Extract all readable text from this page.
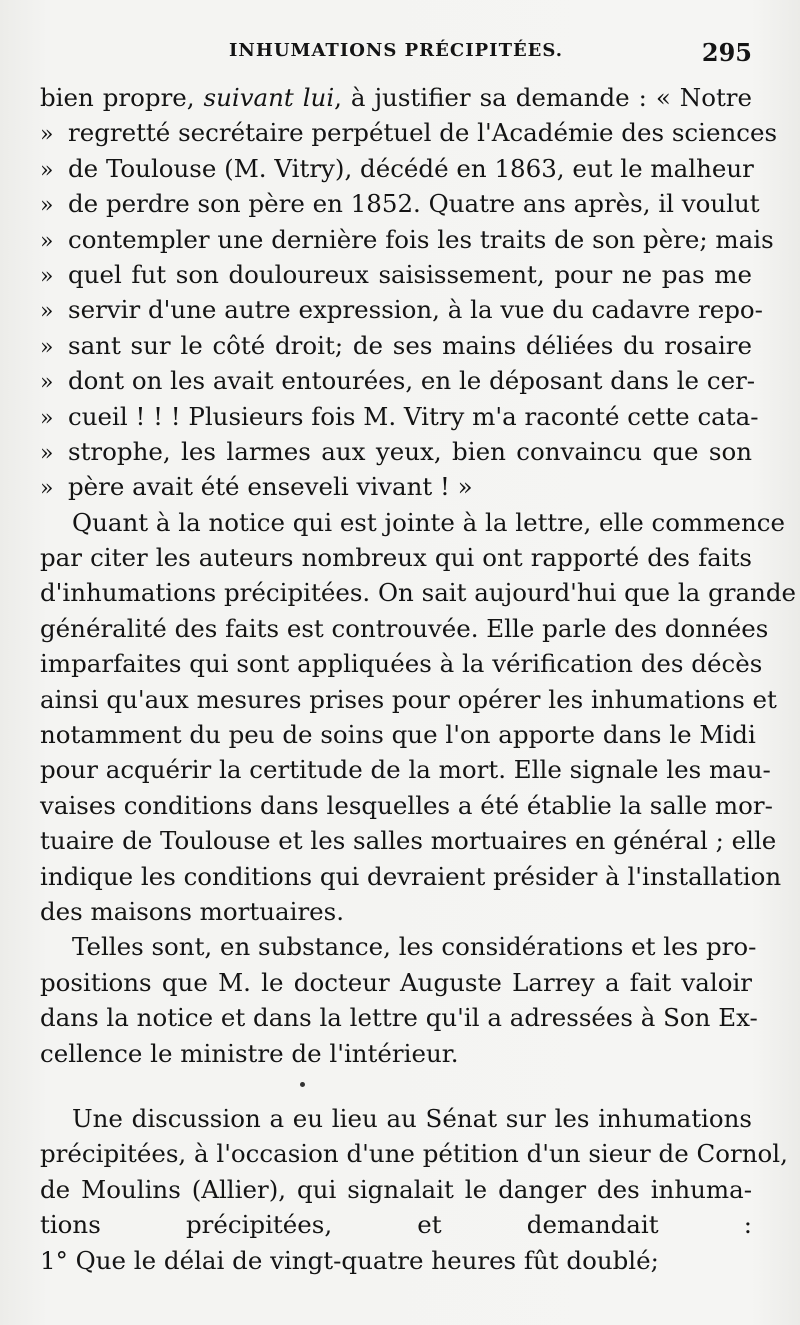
INHUMATIONS PRÉCIPITÉES.	295
bien propre, suivant lui, à justifier sa demande : « Notre
» regretté secrétaire perpétuel de l'Académie des sciences
» de Toulouse (M. Vitry), décédé en 1863, eut le malheur
» de perdre son père en 1852. Quatre ans après, il voulut
» contempler une dernière fois les traits de son père; mais
» quel fut son douloureux saisissement, pour ne pas me
» servir d'une autre expression, à la vue du cadavre repo-
» sant sur le côté droit; de ses mains déliées du rosaire
» dont on les avait entourées, en le déposant dans le cer-
» cueil ! ! ! Plusieurs fois M. Vitry m'a raconté cette cata-
» strophe, les larmes aux yeux, bien convaincu que son
» père avait été enseveli vivant ! »
Quant à la notice qui est jointe à la lettre, elle commence
par citer les auteurs nombreux qui ont rapporté des faits
d'inhumations précipitées. On sait aujourd'hui que la grande
généralité des faits est controuvée. Elle parle des données
imparfaites qui sont appliquées à la vérification des décès
ainsi qu'aux mesures prises pour opérer les inhumations et
notamment du peu de soins que l'on apporte dans le Midi
pour acquérir la certitude de la mort. Elle signale les mau-
vaises conditions dans lesquelles a été établie la salle mor-
tuaire de Toulouse et les salles mortuaires en général ; elle
indique les conditions qui devraient présider à l'installation
des maisons mortuaires.
Telles sont, en substance, les considérations et les pro-
positions que M. le docteur Auguste Larrey a fait valoir
dans la notice et dans la lettre qu'il a adressées à Son Ex-
cellence le ministre de l'intérieur.
Une discussion a eu lieu au Sénat sur les inhumations
précipitées, à l'occasion d'une pétition d'un sieur de Cornol,
de Moulins (Allier), qui signalait le danger des inhuma-
tions précipitées, et demandait :
1° Que le délai de vingt-quatre heures fût doublé;
